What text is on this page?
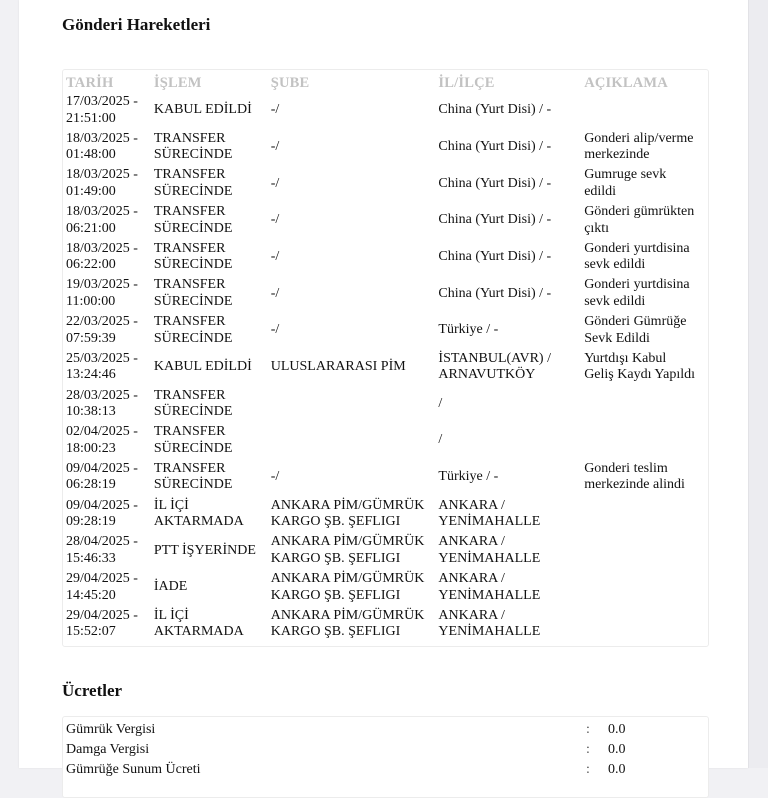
Gönderi Hareketleri
TARİH	İŞLEM	ŞUBE	İL/İLÇE	AÇIKLAMA
17/03/2025 -
21:51:00	KABUL EDİLDİ	-/	China (Yurt Disi) / -	
18/03/2025 -
01:48:00	TRANSFER
SÜRECİNDE	-/	China (Yurt Disi) / -	Gonderi alip/verme
merkezinde
18/03/2025 -
01:49:00	TRANSFER
SÜRECİNDE	-/	China (Yurt Disi) / -	Gumruge sevk
edildi
18/03/2025 -
06:21:00	TRANSFER
SÜRECİNDE	-/	China (Yurt Disi) / -	Gönderi gümrükten
çıktı
18/03/2025 -
06:22:00	TRANSFER
SÜRECİNDE	-/	China (Yurt Disi) / -	Gonderi yurtdisina
sevk edildi
19/03/2025 -
11:00:00	TRANSFER
SÜRECİNDE	-/	China (Yurt Disi) / -	Gonderi yurtdisina
sevk edildi
22/03/2025 -
07:59:39	TRANSFER
SÜRECİNDE	-/	Türkiye / -	Gönderi Gümrüğe
Sevk Edildi
25/03/2025 -
13:24:46	KABUL EDİLDİ	ULUSLARARASI PİM	İSTANBUL(AVR) /
ARNAVUTKÖY	Yurtdışı Kabul
Geliş Kaydı Yapıldı
28/03/2025 -
10:38:13	TRANSFER
SÜRECİNDE		/	
02/04/2025 -
18:00:23	TRANSFER
SÜRECİNDE		/	
09/04/2025 -
06:28:19	TRANSFER
SÜRECİNDE	-/	Türkiye / -	Gonderi teslim
merkezinde alindi
09/04/2025 -
09:28:19	İL İÇİ
AKTARMADA	ANKARA PİM/GÜMRÜK
KARGO ŞB. ŞEFLIGI	ANKARA /
YENİMAHALLE	
28/04/2025 -
15:46:33	PTT İŞYERİNDE	ANKARA PİM/GÜMRÜK
KARGO ŞB. ŞEFLIGI	ANKARA /
YENİMAHALLE	
29/04/2025 -
14:45:20	İADE	ANKARA PİM/GÜMRÜK
KARGO ŞB. ŞEFLIGI	ANKARA /
YENİMAHALLE	
29/04/2025 -
15:52:07	İL İÇİ
AKTARMADA	ANKARA PİM/GÜMRÜK
KARGO ŞB. ŞEFLIGI	ANKARA /
YENİMAHALLE	
Ücretler
Gümrük Vergisi	: 0.0
Damga Vergisi	: 0.0
Gümrüğe Sunum Ücreti	: 0.0
